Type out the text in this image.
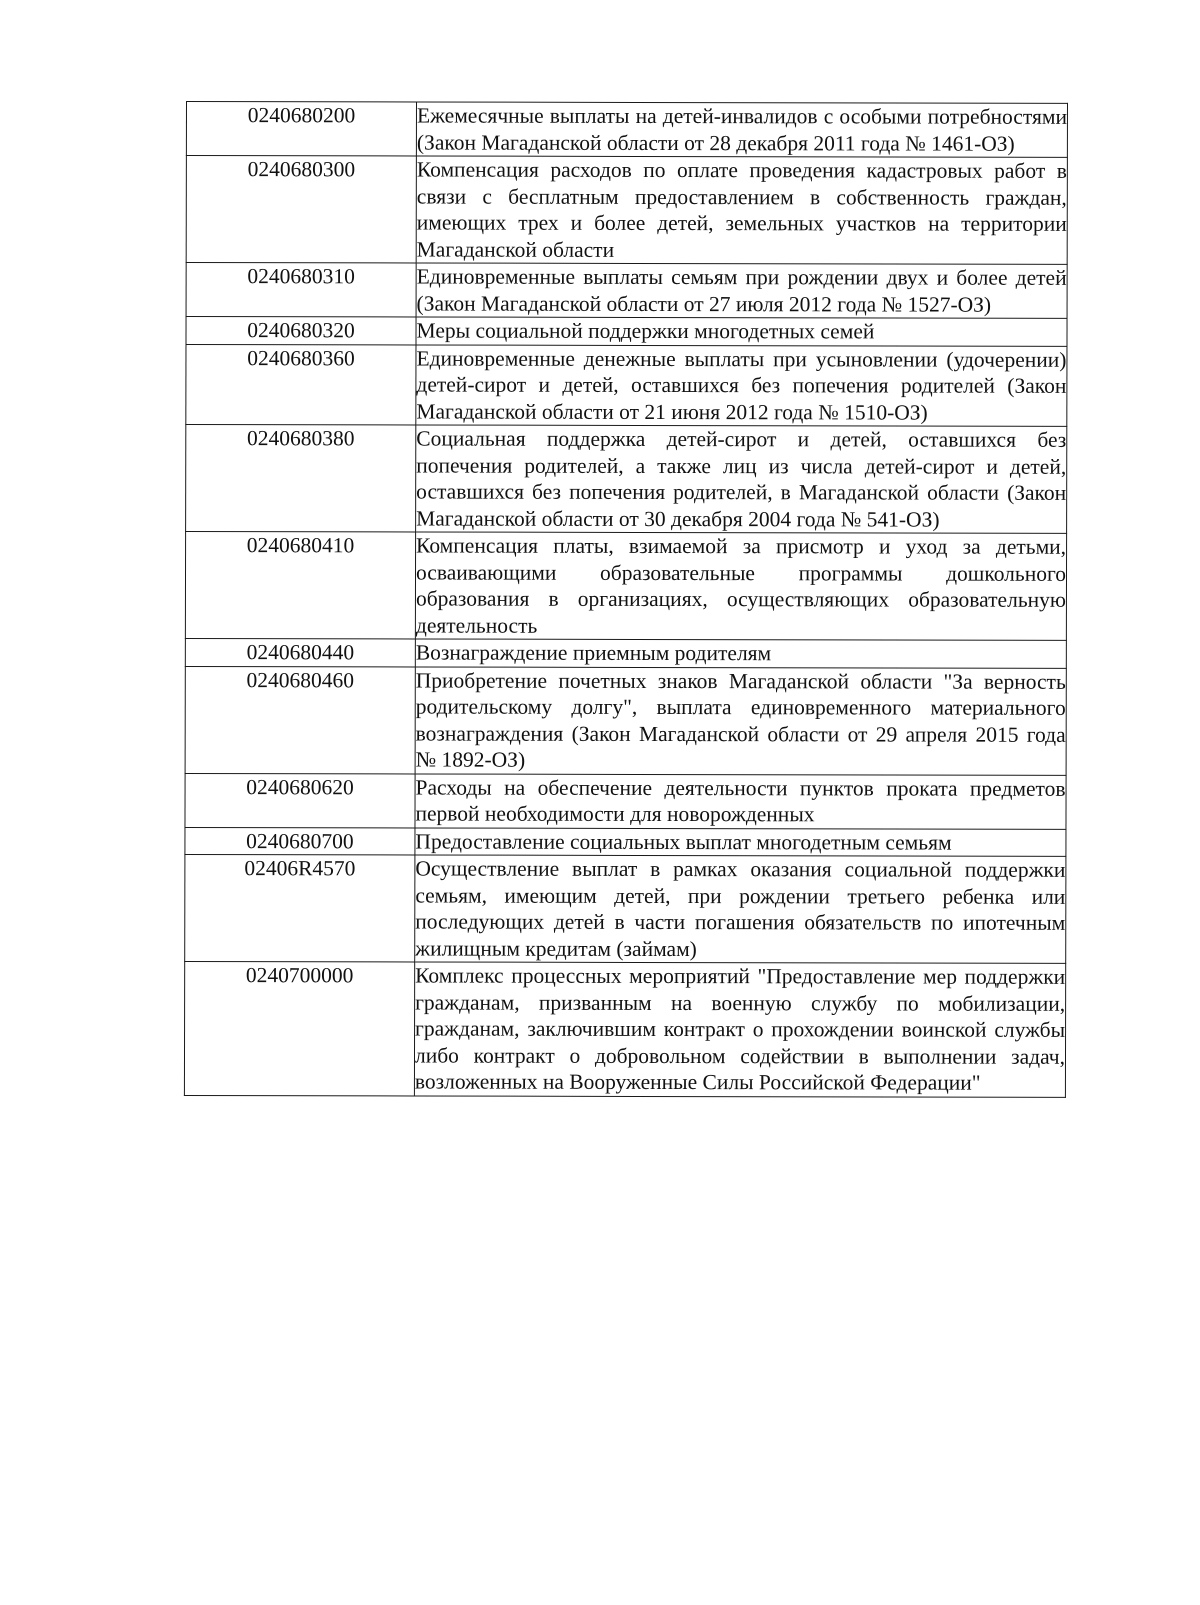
0240680200	Ежемесячные выплаты на детей-инвалидов с особыми потребностями (Закон Магаданской области от 28 декабря 2011 года № 1461-ОЗ)
0240680300	Компенсация расходов по оплате проведения кадастровых работ в связи с бесплатным предоставлением в собственность граждан, имеющих трех и более детей, земельных участков на территории Магаданской области
0240680310	Единовременные выплаты семьям при рождении двух и более детей (Закон Магаданской области от 27 июля 2012 года № 1527-ОЗ)
0240680320	Меры социальной поддержки многодетных семей
0240680360	Единовременные денежные выплаты при усыновлении (удочерении) детей-сирот и детей, оставшихся без попечения родителей (Закон Магаданской области от 21 июня 2012 года № 1510-ОЗ)
0240680380	Социальная поддержка детей-сирот и детей, оставшихся без попечения родителей, а также лиц из числа детей-сирот и детей, оставшихся без попечения родителей, в Магаданской области (Закон Магаданской области от 30 декабря 2004 года № 541-ОЗ)
0240680410	Компенсация платы, взимаемой за присмотр и уход за детьми, осваивающими образовательные программы дошкольного образования в организациях, осуществляющих образовательную деятельность
0240680440	Вознаграждение приемным родителям
0240680460	Приобретение почетных знаков Магаданской области "За верность родительскому долгу", выплата единовременного материального вознаграждения (Закон Магаданской области от 29 апреля 2015 года № 1892-ОЗ)
0240680620	Расходы на обеспечение деятельности пунктов проката предметов первой необходимости для новорожденных
0240680700	Предоставление социальных выплат многодетным семьям
02406R4570	Осуществление выплат в рамках оказания социальной поддержки семьям, имеющим детей, при рождении третьего ребенка или последующих детей в части погашения обязательств по ипотечным жилищным кредитам (займам)
0240700000	Комплекс процессных мероприятий "Предоставление мер поддержки гражданам, призванным на военную службу по мобилизации, гражданам, заключившим контракт о прохождении воинской службы либо контракт о добровольном содействии в выполнении задач, возложенных на Вооруженные Силы Российской Федерации"
